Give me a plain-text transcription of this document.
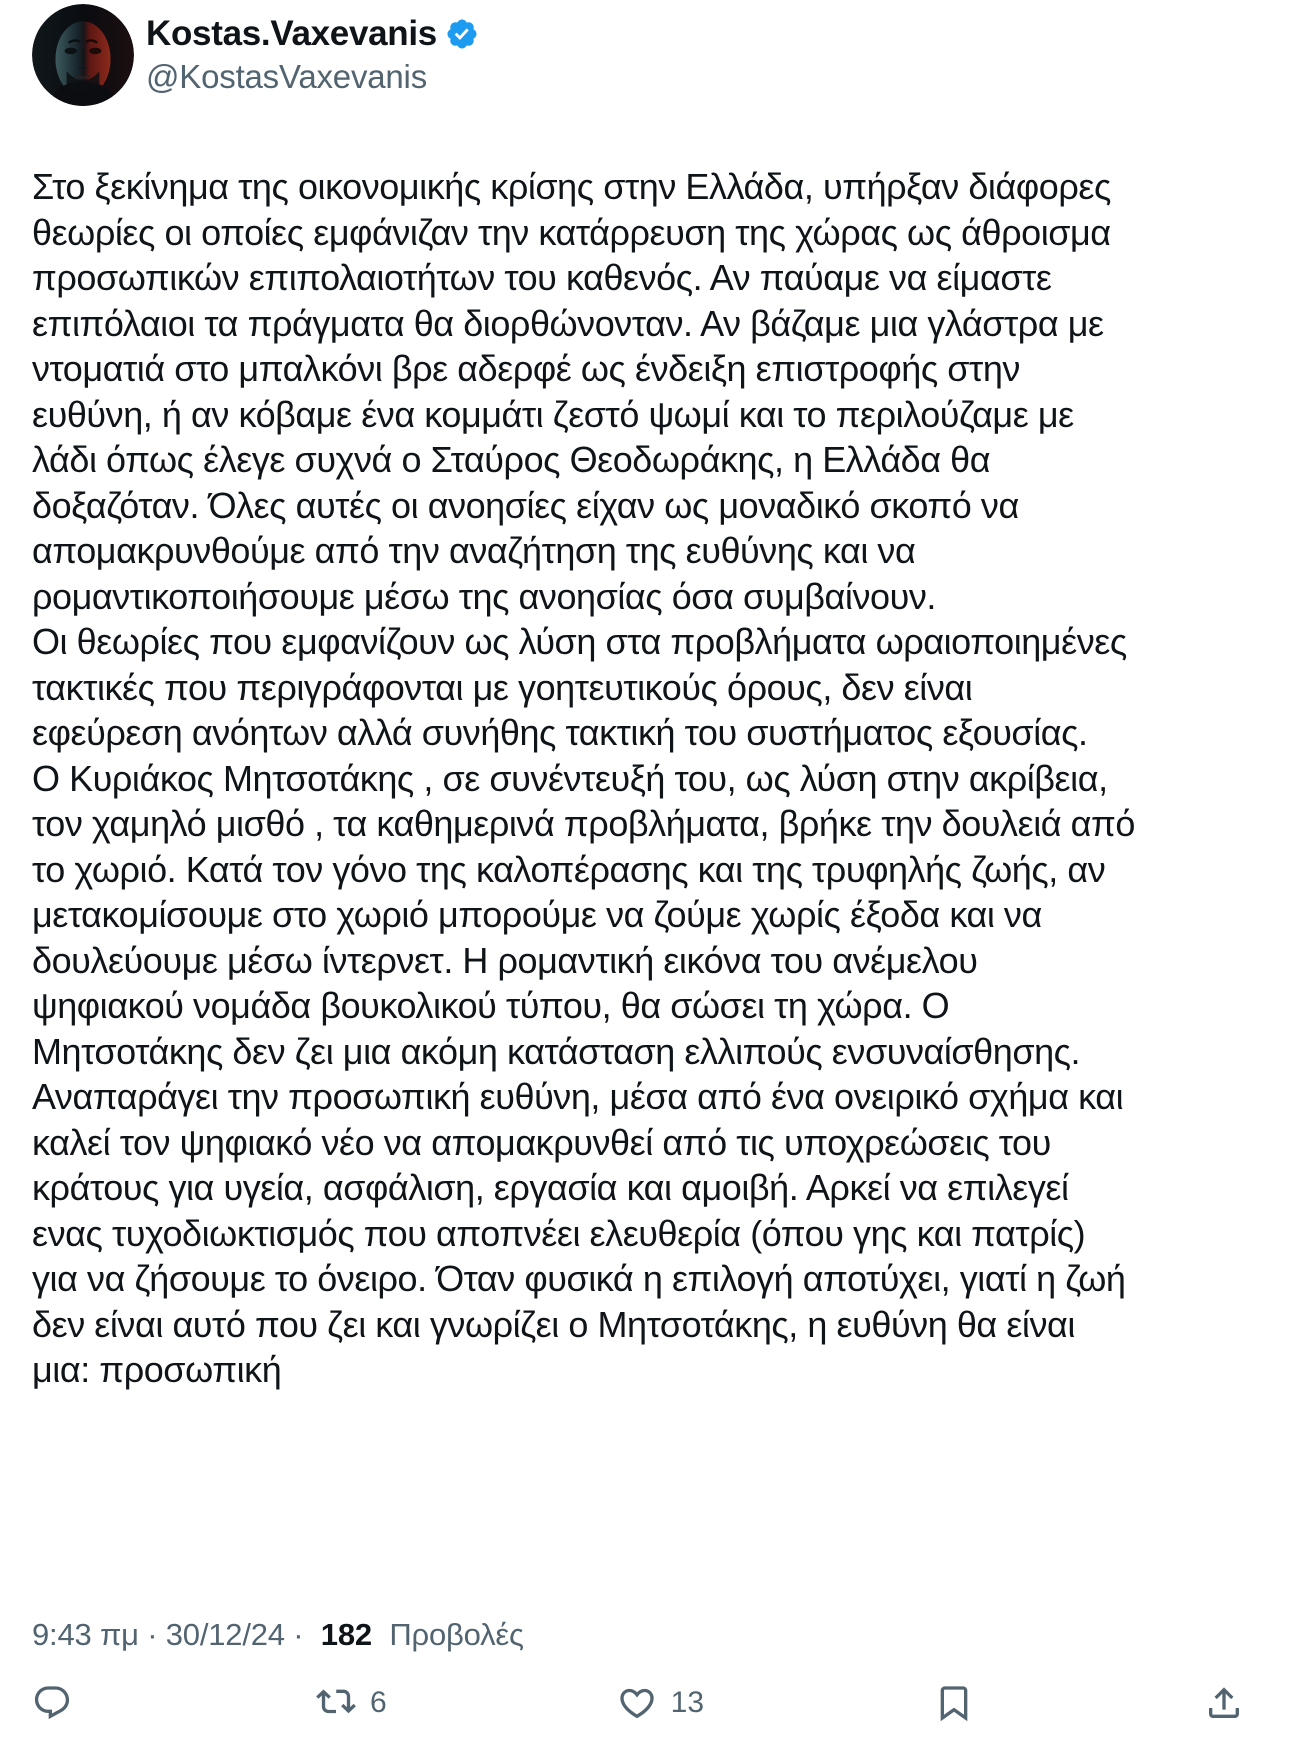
Kostas.Vaxevanis
@KostasVaxevanis
Στο ξεκίνημα της οικονομικής κρίσης στην Ελλάδα, υπήρξαν διάφορες
θεωρίες οι οποίες εμφάνιζαν την κατάρρευση της χώρας ως άθροισμα
προσωπικών επιπολαιοτήτων του καθενός. Αν παύαμε να είμαστε
επιπόλαιοι τα πράγματα θα διορθώνονταν. Αν βάζαμε μια γλάστρα με
ντοματιά στο μπαλκόνι βρε αδερφέ ως ένδειξη επιστροφής στην
ευθύνη, ή αν κόβαμε ένα κομμάτι ζεστό ψωμί και το περιλούζαμε με
λάδι όπως έλεγε συχνά ο Σταύρος Θεοδωράκης, η Ελλάδα θα
δοξαζόταν. Όλες αυτές οι ανοησίες είχαν ως μοναδικό σκοπό να
απομακρυνθούμε από την αναζήτηση της ευθύνης και να
ρομαντικοποιήσουμε μέσω της ανοησίας όσα συμβαίνουν.
Οι θεωρίες που εμφανίζουν ως λύση στα προβλήματα ωραιοποιημένες
τακτικές που περιγράφονται με γοητευτικούς όρους, δεν είναι
εφεύρεση ανόητων αλλά συνήθης τακτική του συστήματος εξουσίας.
Ο Κυριάκος Μητσοτάκης , σε συνέντευξή του, ως λύση στην ακρίβεια,
τον χαμηλό μισθό , τα καθημερινά προβλήματα, βρήκε την δουλειά από
το χωριό. Κατά τον γόνο της καλοπέρασης και της τρυφηλής ζωής, αν
μετακομίσουμε στο χωριό μπορούμε να ζούμε χωρίς έξοδα και να
δουλεύουμε μέσω ίντερνετ. Η ρομαντική εικόνα του ανέμελου
ψηφιακού νομάδα βουκολικού τύπου, θα σώσει τη χώρα. Ο
Μητσοτάκης δεν ζει μια ακόμη κατάσταση ελλιπούς ενσυναίσθησης.
Αναπαράγει την προσωπική ευθύνη, μέσα από ένα ονειρικό σχήμα και
καλεί τον ψηφιακό νέο να απομακρυνθεί από τις υποχρεώσεις του
κράτους για υγεία, ασφάλιση, εργασία και αμοιβή. Αρκεί να επιλεγεί
ενας τυχοδιωκτισμός που αποπνέει ελευθερία (όπου γης και πατρίς)
για να ζήσουμε το όνειρο. Όταν φυσικά η επιλογή αποτύχει, γιατί η ζωή
δεν είναι αυτό που ζει και γνωρίζει ο Μητσοτάκης, η ευθύνη θα είναι
μια: προσωπική
9:43 πμ · 30/12/24 · 182 Προβολές
6	13
